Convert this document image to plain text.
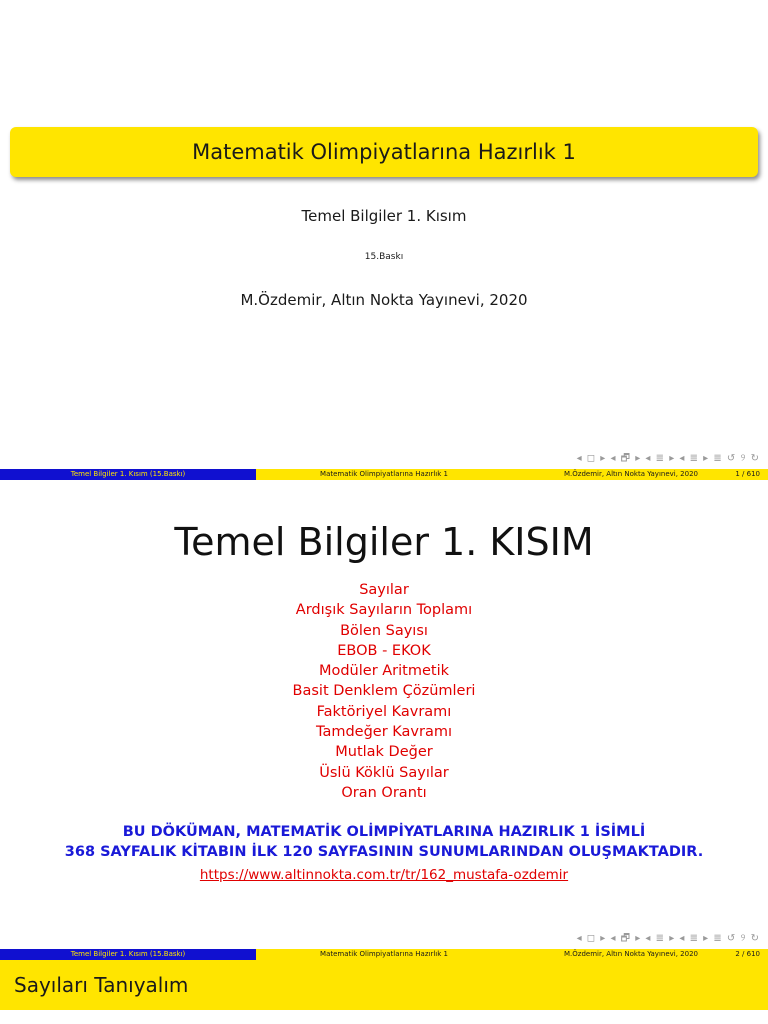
Matematik Olimpiyatlarına Hazırlık 1
Temel Bilgiler 1. Kısım
15.Baskı
M.Özdemir, Altın Nokta Yayınevi, 2020
◂ ◻ ▸ ◂ 🗗 ▸ ◂ ≣ ▸ ◂ ≣ ▸ ≣ ↺ ୨ ↻
Temel Bilgiler 1. Kısım (15.Baskı)	Matematik Olimpiyatlarına Hazırlık 1	M.Özdemir, Altın Nokta Yayınevi, 2020	1 / 610
Temel Bilgiler 1. KISIM
Sayılar
Ardışık Sayıların Toplamı
Bölen Sayısı
EBOB - EKOK
Modüler Aritmetik
Basit Denklem Çözümleri
Faktöriyel Kavramı
Tamdeğer Kavramı
Mutlak Değer
Üslü Köklü Sayılar
Oran Orantı
BU DÖKÜMAN, MATEMATİK OLİMPİYATLARINA HAZIRLIK 1 İSİMLİ
368 SAYFALIK KİTABIN İLK 120 SAYFASININ SUNUMLARINDAN OLUŞMAKTADIR.
https://www.altinnokta.com.tr/tr/162_mustafa-ozdemir
◂ ◻ ▸ ◂ 🗗 ▸ ◂ ≣ ▸ ◂ ≣ ▸ ≣ ↺ ୨ ↻
Temel Bilgiler 1. Kısım (15.Baskı)	Matematik Olimpiyatlarına Hazırlık 1	M.Özdemir, Altın Nokta Yayınevi, 2020	2 / 610
Sayıları Tanıyalım
